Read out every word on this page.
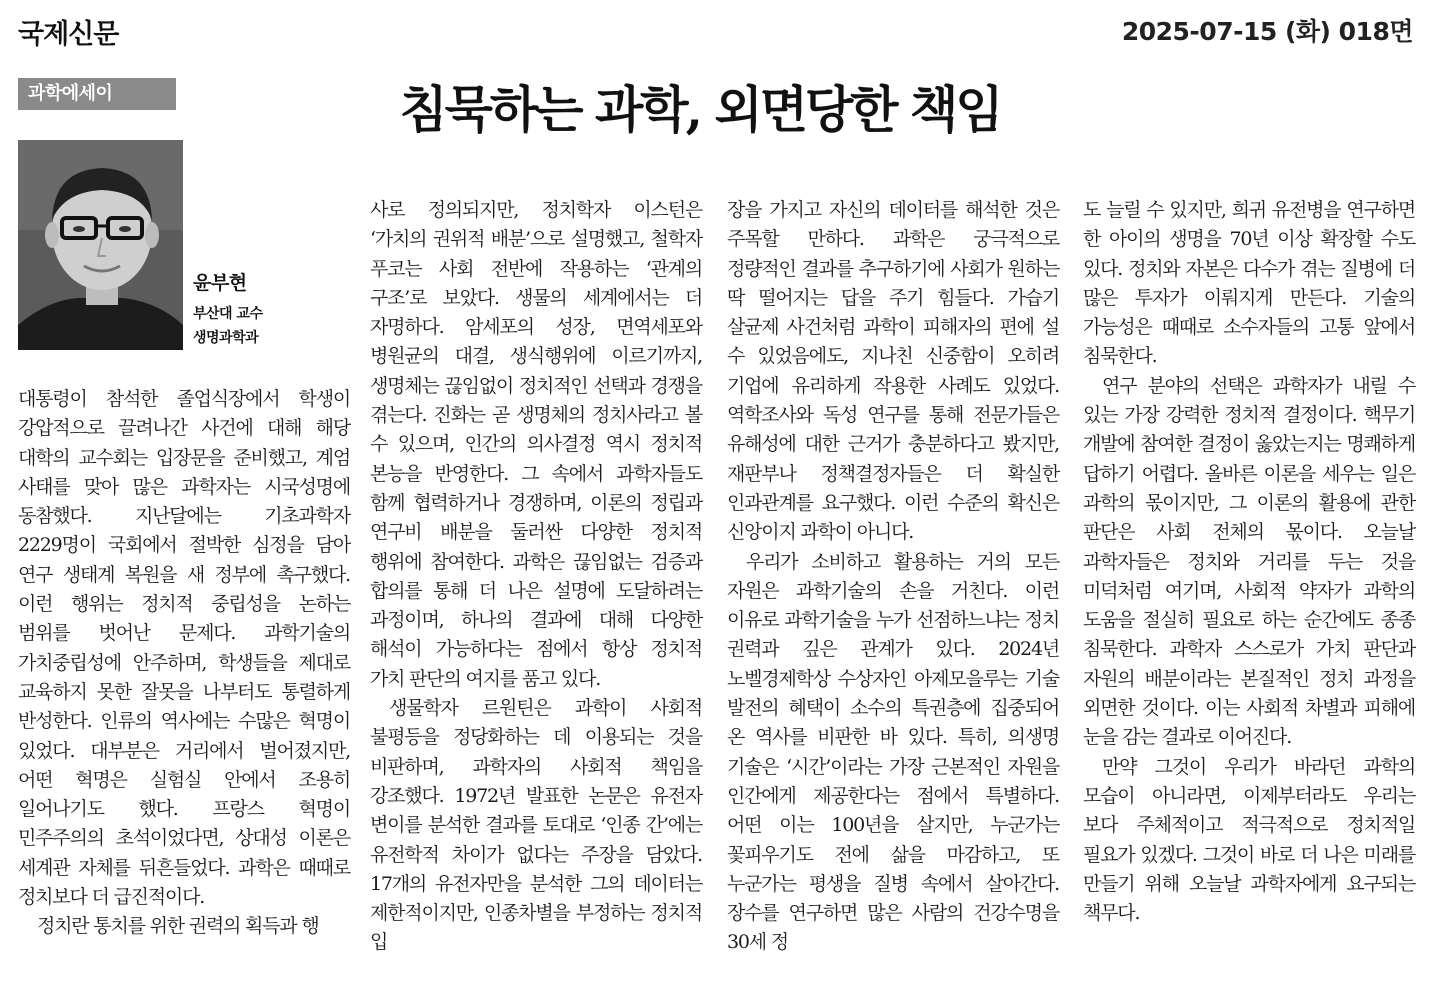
국제신문	2025-07-15 (화) 018면
과학에세이	침묵하는 과학, 외면당한 책임
윤부현
부산대 교수
생명과학과

대통령이 참석한 졸업식장에서 학생이 강압적으로 끌려나간 사건에 대해 해당 대학의 교수회는 입장문을 준비했고, 계엄 사태를 맞아 많은 과학자는 시국성명에 동참했다. 지난달에는 기초과학자 2229명이 국회에서 절박한 심정을 담아 연구 생태계 복원을 새 정부에 촉구했다. 이런 행위는 정치적 중립성을 논하는 범위를 벗어난 문제다. 과학기술의 가치중립성에 안주하며, 학생들을 제대로 교육하지 못한 잘못을 나부터도 통렬하게 반성한다. 인류의 역사에는 수많은 혁명이 있었다. 대부분은 거리에서 벌어졌지만, 어떤 혁명은 실험실 안에서 조용히 일어나기도 했다. 프랑스 혁명이 민주주의의 초석이었다면, 상대성 이론은 세계관 자체를 뒤흔들었다. 과학은 때때로 정치보다 더 급진적이다.

정치란 통치를 위한 권력의 획득과 행

사로 정의되지만, 정치학자 이스턴은 ‘가치의 권위적 배분’으로 설명했고, 철학자 푸코는 사회 전반에 작용하는 ‘관계의 구조’로 보았다. 생물의 세계에서는 더 자명하다. 암세포의 성장, 면역세포와 병원균의 대결, 생식행위에 이르기까지, 생명체는 끊임없이 정치적인 선택과 경쟁을 겪는다. 진화는 곧 생명체의 정치사라고 볼 수 있으며, 인간의 의사결정 역시 정치적 본능을 반영한다. 그 속에서 과학자들도 함께 협력하거나 경쟁하며, 이론의 정립과 연구비 배분을 둘러싼 다양한 정치적 행위에 참여한다. 과학은 끊임없는 검증과 합의를 통해 더 나은 설명에 도달하려는 과정이며, 하나의 결과에 대해 다양한 해석이 가능하다는 점에서 항상 정치적 가치 판단의 여지를 품고 있다.

생물학자 르원틴은 과학이 사회적 불평등을 정당화하는 데 이용되는 것을 비판하며, 과학자의 사회적 책임을 강조했다. 1972년 발표한 논문은 유전자 변이를 분석한 결과를 토대로 ‘인종 간’에는 유전학적 차이가 없다는 주장을 담았다. 17개의 유전자만을 분석한 그의 데이터는 제한적이지만, 인종차별을 부정하는 정치적 입

장을 가지고 자신의 데이터를 해석한 것은 주목할 만하다. 과학은 궁극적으로 정량적인 결과를 추구하기에 사회가 원하는 딱 떨어지는 답을 주기 힘들다. 가습기 살균제 사건처럼 과학이 피해자의 편에 설 수 있었음에도, 지나친 신중함이 오히려 기업에 유리하게 작용한 사례도 있었다. 역학조사와 독성 연구를 통해 전문가들은 유해성에 대한 근거가 충분하다고 봤지만, 재판부나 정책결정자들은 더 확실한 인과관계를 요구했다. 이런 수준의 확신은 신앙이지 과학이 아니다.

우리가 소비하고 활용하는 거의 모든 자원은 과학기술의 손을 거친다. 이런 이유로 과학기술을 누가 선점하느냐는 정치 권력과 깊은 관계가 있다. 2024년 노벨경제학상 수상자인 아제모을루는 기술 발전의 혜택이 소수의 특권층에 집중되어 온 역사를 비판한 바 있다. 특히, 의생명 기술은 ‘시간’이라는 가장 근본적인 자원을 인간에게 제공한다는 점에서 특별하다. 어떤 이는 100년을 살지만, 누군가는 꽃피우기도 전에 삶을 마감하고, 또 누군가는 평생을 질병 속에서 살아간다. 장수를 연구하면 많은 사람의 건강수명을 30세 정

도 늘릴 수 있지만, 희귀 유전병을 연구하면 한 아이의 생명을 70년 이상 확장할 수도 있다. 정치와 자본은 다수가 겪는 질병에 더 많은 투자가 이뤄지게 만든다. 기술의 가능성은 때때로 소수자들의 고통 앞에서 침묵한다.

연구 분야의 선택은 과학자가 내릴 수 있는 가장 강력한 정치적 결정이다. 핵무기 개발에 참여한 결정이 옳았는지는 명쾌하게 답하기 어렵다. 올바른 이론을 세우는 일은 과학의 몫이지만, 그 이론의 활용에 관한 판단은 사회 전체의 몫이다. 오늘날 과학자들은 정치와 거리를 두는 것을 미덕처럼 여기며, 사회적 약자가 과학의 도움을 절실히 필요로 하는 순간에도 종종 침묵한다. 과학자 스스로가 가치 판단과 자원의 배분이라는 본질적인 정치 과정을 외면한 것이다. 이는 사회적 차별과 피해에 눈을 감는 결과로 이어진다.

만약 그것이 우리가 바라던 과학의 모습이 아니라면, 이제부터라도 우리는 보다 주체적이고 적극적으로 정치적일 필요가 있겠다. 그것이 바로 더 나은 미래를 만들기 위해 오늘날 과학자에게 요구되는 책무다.
